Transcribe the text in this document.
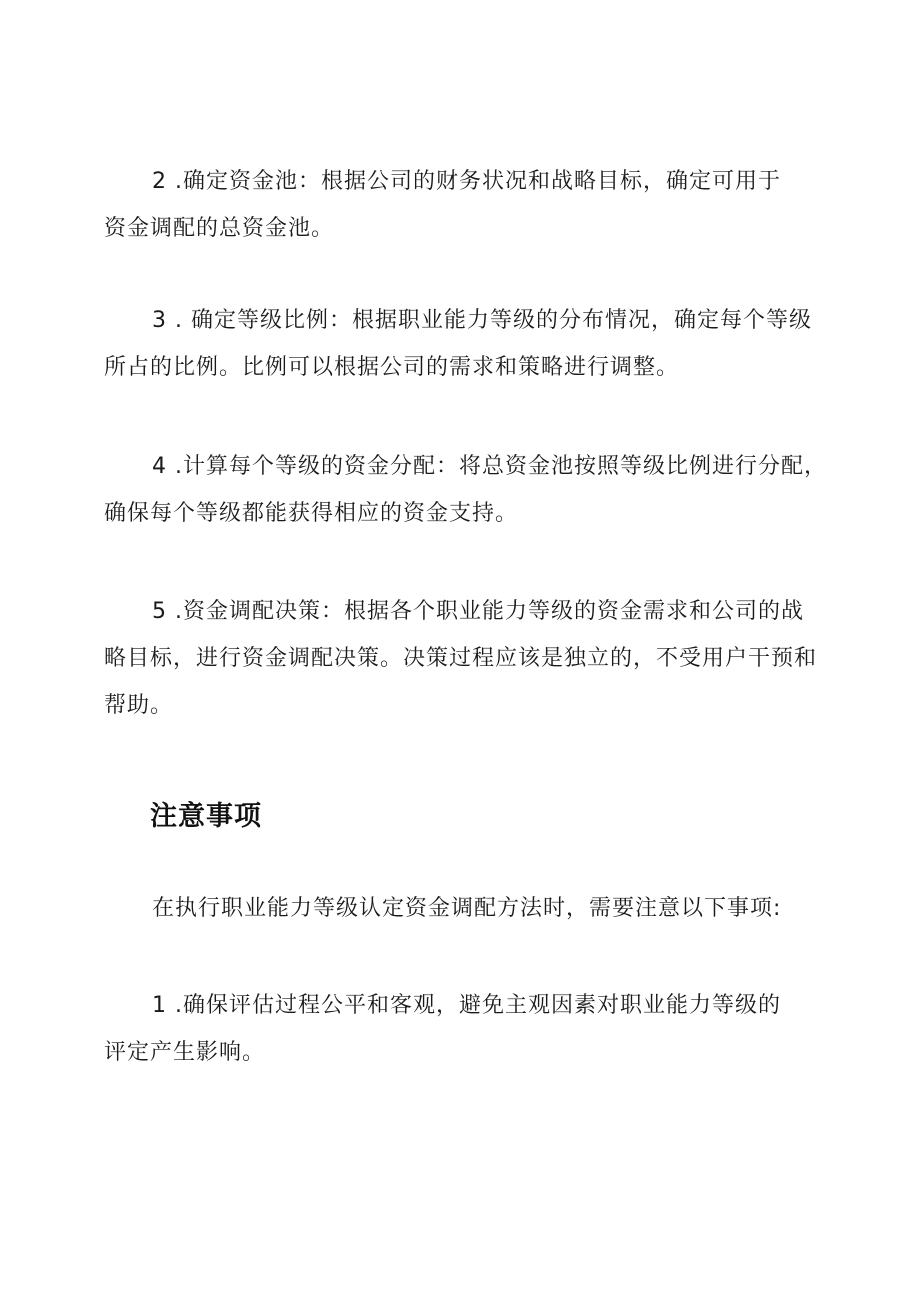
2 .确定资金池：根据公司的财务状况和战略目标，确定可用于
资金调配的总资金池。

3 . 确定等级比例：根据职业能力等级的分布情况，确定每个等级
所占的比例。比例可以根据公司的需求和策略进行调整。

4 .计算每个等级的资金分配：将总资金池按照等级比例进行分配，
确保每个等级都能获得相应的资金支持。

5 .资金调配决策：根据各个职业能力等级的资金需求和公司的战
略目标，进行资金调配决策。决策过程应该是独立的，不受用户干预和
帮助。

注意事项

在执行职业能力等级认定资金调配方法时，需要注意以下事项:

1 .确保评估过程公平和客观，避免主观因素对职业能力等级的
评定产生影响。
